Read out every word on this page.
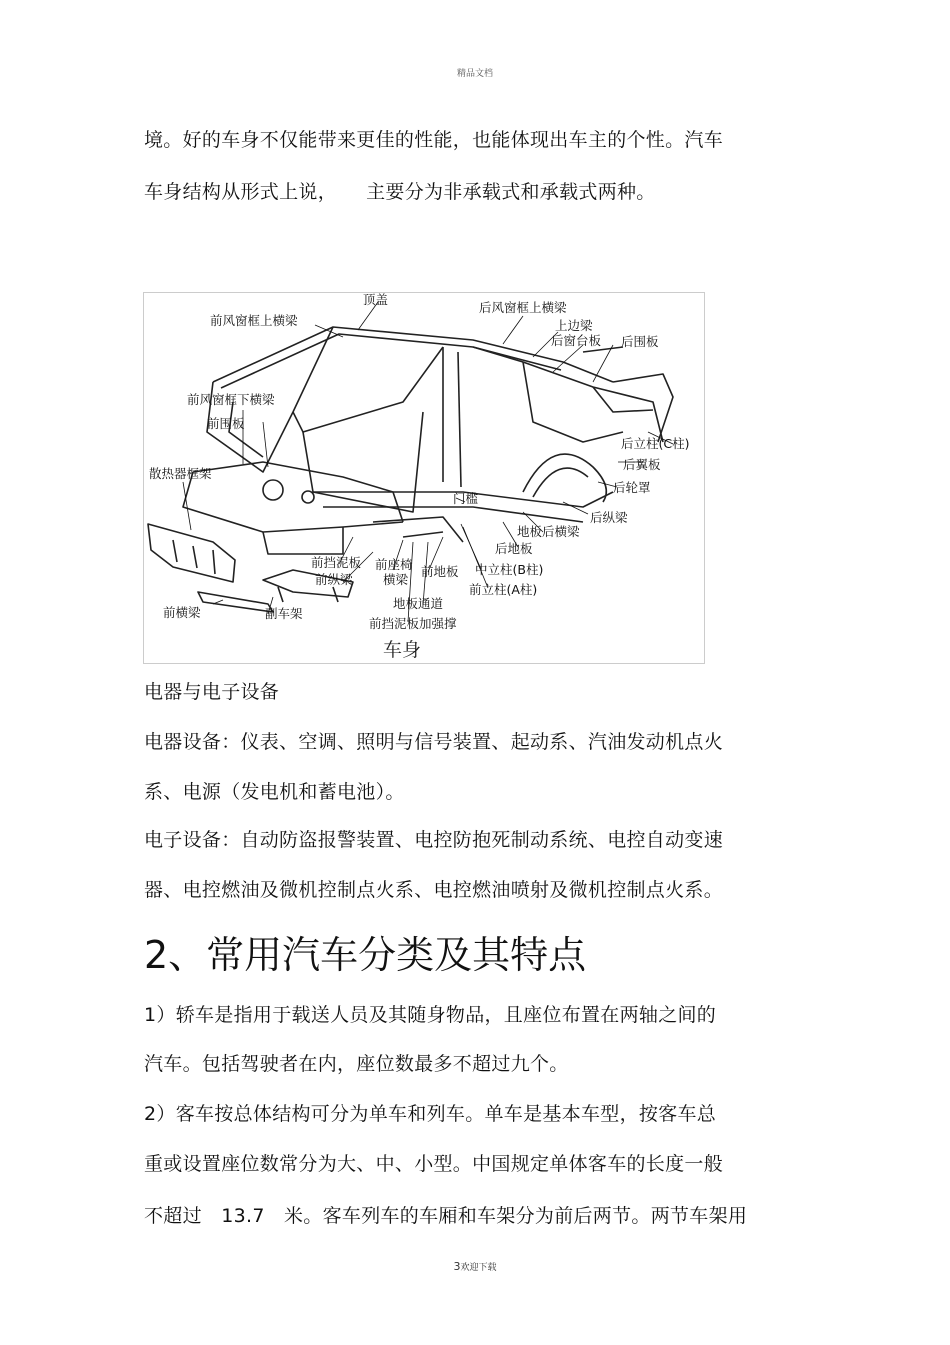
精品文档
境。好的车身不仅能带来更佳的性能，也能体现出车主的个性。汽车
车身结构从形式上说，　　主要分为非承载式和承载式两种。
顶盖
前风窗框上横梁
后风窗框上横梁
上边梁
后窗台板 后围板
前风窗框下横梁
前围板
后立柱(C柱)
后翼板
散热器框架
后轮罩
门槛
后纵梁
地板后横梁
后地板
前挡泥板 前座椅
横梁
前地板 中立柱(B柱)
前纵梁
前立柱(A柱)
前横梁	副车架
地板通道
前挡泥板加强撑
车身
电器与电子设备
电器设备：仪表、空调、照明与信号装置、起动系、汽油发动机点火
系、电源（发电机和蓄电池）。
电子设备：自动防盗报警装置、电控防抱死制动系统、电控自动变速
器、电控燃油及微机控制点火系、电控燃油喷射及微机控制点火系。
2、常用汽车分类及其特点
1）轿车是指用于载送人员及其随身物品，且座位布置在两轴之间的
汽车。包括驾驶者在内，座位数最多不超过九个。
2）客车按总体结构可分为单车和列车。单车是基本车型，按客车总
重或设置座位数常分为大、中、小型。中国规定单体客车的长度一般
不超过　13.7　米。客车列车的车厢和车架分为前后两节。两节车架用
3欢迎下载
